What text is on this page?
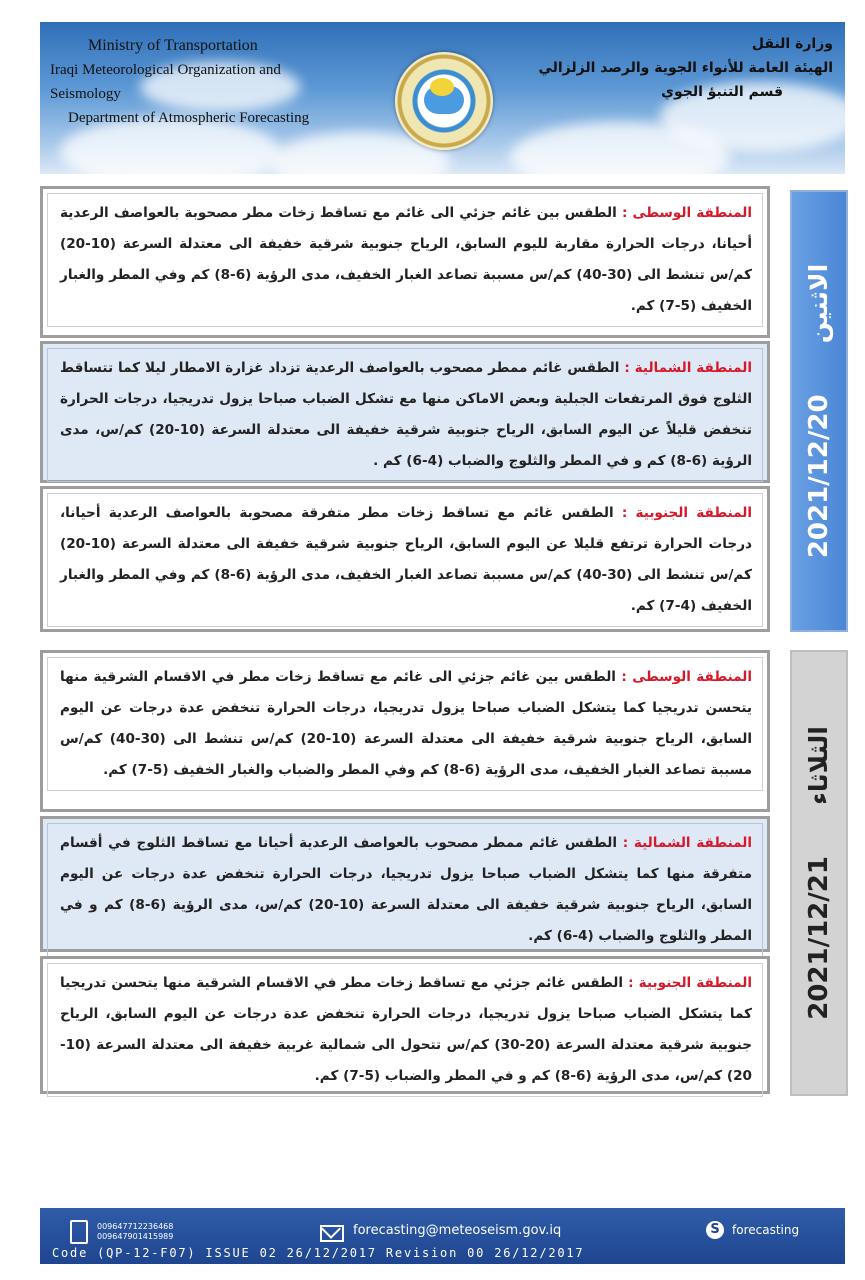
Ministry of Transportation
Iraqi Meteorological Organization and Seismology
Department of Atmospheric Forecasting
وزارة النقل
الهيئة العامة للأنواء الجوية والرصد الزلزالي
قسم التنبؤ الجوي

المنطقة الوسطى : الطقس بين غائم جزئي الى غائم مع تساقط زخات مطر مصحوبة بالعواصف الرعدية أحيانا، درجات الحرارة مقاربة لليوم السابق، الرياح جنوبية شرقية خفيفة الى معتدلة السرعة (10-20) كم/س تنشط الى (30-40) كم/س مسببة تصاعد الغبار الخفيف، مدى الرؤية (6-8) كم وفي المطر والغبار الخفيف (5-7) كم.

المنطقة الشمالية : الطقس غائم ممطر مصحوب بالعواصف الرعدية تزداد غزارة الامطار ليلا كما تتساقط الثلوج فوق المرتفعات الجبلية وبعض الاماكن منها مع تشكل الضباب صباحا يزول تدريجيا، درجات الحرارة تنخفض قليلاً عن اليوم السابق، الرياح جنوبية شرقية خفيفة الى معتدلة السرعة (10-20) كم/س، مدى الرؤية (6-8) كم و في المطر والثلوج والضباب (4-6) كم .

المنطقة الجنوبية : الطقس غائم مع تساقط زخات مطر متفرقة مصحوبة بالعواصف الرعدية أحيانا، درجات الحرارة ترتفع قليلا عن اليوم السابق، الرياح جنوبية شرقية خفيفة الى معتدلة السرعة (10-20) كم/س تنشط الى (30-40) كم/س مسببة تصاعد الغبار الخفيف، مدى الرؤية (6-8) كم وفي المطر والغبار الخفيف (4-7) كم.

2021/12/20  الاثنين

المنطقة الوسطى : الطقس بين غائم جزئي الى غائم مع تساقط زخات مطر في الاقسام الشرقية منها يتحسن تدريجيا كما يتشكل الضباب صباحا يزول تدريجيا، درجات الحرارة تنخفض عدة درجات عن اليوم السابق، الرياح جنوبية شرقية خفيفة الى معتدلة السرعة (10-20) كم/س تنشط الى (30-40) كم/س مسببة تصاعد الغبار الخفيف، مدى الرؤية (6-8) كم وفي المطر والضباب والغبار الخفيف (5-7) كم.

المنطقة الشمالية : الطقس غائم ممطر مصحوب بالعواصف الرعدية أحيانا مع تساقط الثلوج في أقسام متفرقة منها كما يتشكل الضباب صباحا يزول تدريجيا، درجات الحرارة تنخفض عدة درجات عن اليوم السابق، الرياح جنوبية شرقية خفيفة الى معتدلة السرعة (10-20) كم/س، مدى الرؤية (6-8) كم و في المطر والثلوج والضباب (4-6) كم.

المنطقة الجنوبية : الطقس غائم جزئي مع تساقط زخات مطر في الاقسام الشرقية منها يتحسن تدريجيا كما يتشكل الضباب صباحا يزول تدريجيا، درجات الحرارة تنخفض عدة درجات عن اليوم السابق، الرياح جنوبية شرقية معتدلة السرعة (20-30) كم/س تتحول الى شمالية غربية خفيفة الى معتدلة السرعة (10-20) كم/س، مدى الرؤية (6-8) كم و في المطر والضباب (5-7) كم.

2021/12/21  الثلاثاء
009647712236468
009647901415989	forecasting@meteoseism.gov.iq	S	forecasting
Code (QP-12-F07) ISSUE 02 26/12/2017 Revision 00 26/12/2017
